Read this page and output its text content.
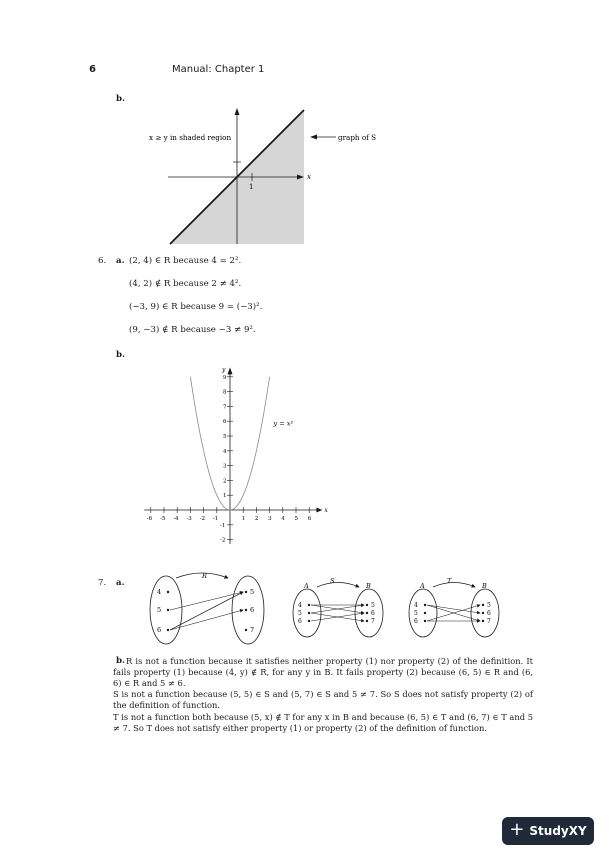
6	Manual: Chapter 1
b.
1
x
x ≥ y in shaded region	graph of S
6. a. (2, 4) ∈ R because 4 = 2².
(4, 2) ∉ R because 2 ≠ 4².
(−3, 9) ∈ R because 9 = (−3)².
(9, −3) ∉ R because −3 ≠ 9².
b.
-6 -5 -4 -3 -2 -1	1 2 3 4 5 6
-2
-1
1
2
3
4
5
6
7
8
9
x
y
y = x²
7. a.
R
4
5
6
5
6
7
S
A	B
4
5
6
5
6
7
T
A	B
4
5
6
5
6
7
b. R is not a function because it satisfies neither property (1) nor property (2) of the definition. It fails property (1) because (4, y) ∉ R, for any y in B. It fails property (2) because (6, 5) ∈ R and (6, 6) ∈ R and 5 ≠ 6.
S is not a function because (5, 5) ∈ S and (5, 7) ∈ S and 5 ≠ 7. So S does not satisfy property (2) of the definition of function.
T is not a function both because (5, x) ∉ T for any x in B and because (6, 5) ∈ T and (6, 7) ∈ T and 5 ≠ 7. So T does not satisfy either property (1) or property (2) of the definition of function.
+ StudyXY
